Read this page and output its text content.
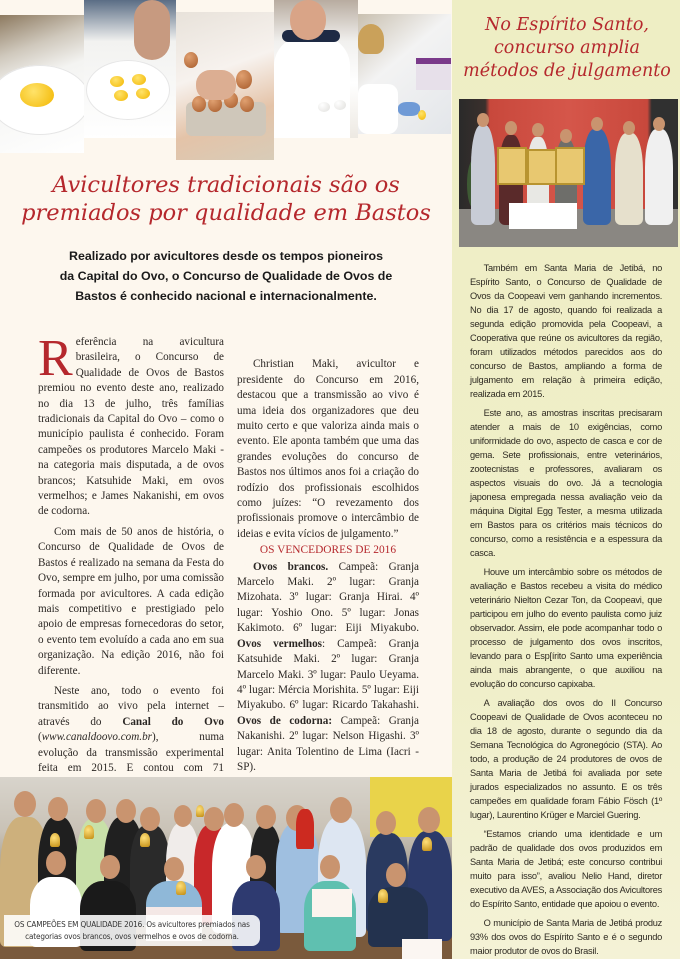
Avicultores tradicionais são os
premiados por qualidade em Bastos
Realizado por avicultores desde os tempos pioneiros
da Capital do Ovo, o Concurso de Qualidade de Ovos de
Bastos é conhecido nacional e internacionalmente.

Referência na avicultura brasileira, o Concurso de Qualidade de Ovos de Bastos premiou no evento deste ano, realizado no dia 13 de julho, três famílias tradicionais da Capital do Ovo – como o município paulista é conhecido. Foram campeões os produtores Marcelo Maki - na categoria mais disputada, a de ovos brancos; Katsuhide Maki, em ovos vermelhos; e James Nakanishi, em ovos de codorna.

Com mais de 50 anos de história, o Concurso de Qualidade de Ovos de Bastos é realizado na semana da Festa do Ovo, sempre em julho, por uma comissão formada por avicultores. A cada edição mais competitivo e prestigiado pelo apoio de empresas fornecedoras do setor, o evento tem evoluído a cada ano em sua organização. Na edição 2016, não foi diferente.

Neste ano, todo o evento foi transmitido ao vivo pela internet – através do Canal do Ovo (www.canaldoovo.com.br), numa evolução da transmissão experimental feita em 2015. E contou com 71

Christian Maki, avicultor e presidente do Concurso em 2016, destacou que a transmissão ao vivo é uma ideia dos organizadores que deu muito certo e que valoriza ainda mais o evento. Ele aponta também que uma das grandes evoluções do concurso de Bastos nos últimos anos foi a criação do rodízio dos profissionais escolhidos como juízes: “O revezamento dos profissionais promove o intercâmbio de ideias e evita vícios de julgamento.”

OS VENCEDORES DE 2016

Ovos brancos. Campeã: Granja Marcelo Maki. 2º lugar: Granja Mizohata. 3º lugar: Granja Hirai. 4º lugar: Yoshio Ono. 5º lugar: Jonas Kakimoto. 6º lugar: Eiji Miyakubo. Ovos vermelhos: Campeã: Granja Katsuhide Maki. 2º lugar: Granja Marcelo Maki. 3º lugar: Paulo Ueyama. 4º lugar: Mércia Morishita. 5º lugar: Eiji Miyakubo. 6º lugar: Ricardo Takahashi. Ovos de codorna: Campeã: Granja Nakanishi. 2º lugar: Nelson Higashi. 3º lugar: Anita Tolentino de Lima (Iacri - SP).

OS CAMPEÕES EM QUALIDADE 2016. Os avicultores premiados nas
categorias ovos brancos, ovos vermelhos e ovos de codorna.
No Espírito Santo,
concurso amplia
métodos de julgamento

Também em Santa Maria de Jetibá, no Espírito Santo, o Concurso de Qualidade de Ovos da Coopeavi vem ganhando incrementos. No dia 17 de agosto, quando foi realizada a segunda edição promovida pela Coopeavi, a Cooperativa que reúne os avicultores da região, foram utilizados métodos parecidos aos do concurso de Bastos, ampliando a forma de julgamento em relação à primeira edição, realizada em 2015.

Este ano, as amostras inscritas precisaram atender a mais de 10 exigências, como uniformidade do ovo, aspecto de casca e cor de gema. Sete profissionais, entre veterinários, zootecnistas e professores, avaliaram os aspectos visuais do ovo. Já a tecnologia japonesa empregada nessa avaliação veio da máquina Digital Egg Tester, a mesma utilizada em Bastos para os critérios mais técnicos do concurso, como a resistência e a espessura da casca.

Houve um intercâmbio sobre os métodos de avaliação e Bastos recebeu a visita do médico veterinário Nielton Cezar Ton, da Coopeavi, que participou em julho do evento paulista como juiz observador. Assim, ele pode acompanhar todo o processo de julgamento dos ovos inscritos, levando para o Esp[írito Santo uma experiência ainda mais abrangente, o que auxiliou na evolução do concurso capixaba.

A avaliação dos ovos do II Concurso Coopeavi de Qualidade de Ovos aconteceu no dia 18 de agosto, durante o segundo dia da Semana Tecnológica do Agronegócio (STA). Ao todo, a produção de 24 produtores de ovos de Santa Maria de Jetibá foi avaliada por sete jurados especializados no assunto. E os três campeões em qualidade foram Fábio Fösch (1º lugar), Laurentino Krüger e Marciel Guering.

“Estamos criando uma identidade e um padrão de qualidade dos ovos produzidos em Santa Maria de Jetibá; este concurso contribui muito para isso”, avaliou Nelio Hand, diretor executivo da AVES, a Associação dos Avicultores do Espírito Santo, entidade que apoiou o evento.

O município de Santa Maria de Jetibá produz 93% dos ovos do Espírito Santo e é o segundo maior produtor de ovos do Brasil.
